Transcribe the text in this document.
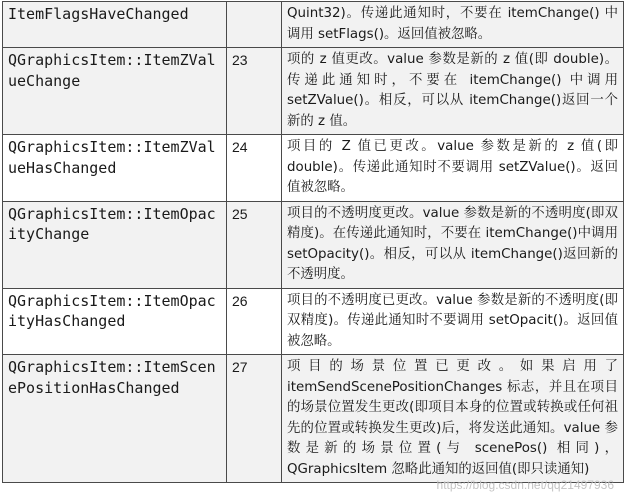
ItemFlagsHaveChanged		Quint32)。传递此通知时，不要在 itemChange() 中调用 setFlags()。返回值被忽略。
QGraphicsItem::ItemZValueChange	23	项的 z 值更改。value 参数是新的 z 值(即 double)。传递此通知时，不要在 itemChange() 中调用 setZValue()。相反，可以从 itemChange()返回一个新的 z 值。
QGraphicsItem::ItemZValueHasChanged	24	项目的 Z 值已更改。value 参数是新的 z 值(即 double)。传递此通知时不要调用 setZValue()。返回值被忽略。
QGraphicsItem::ItemOpacityChange	25	项目的不透明度更改。value 参数是新的不透明度(即双精度)。在传递此通知时，不要在 itemChange()中调用 setOpacity()。相反，可以从 itemChange()返回新的不透明度。
QGraphicsItem::ItemOpacityHasChanged	26	项目的不透明度已更改。value 参数是新的不透明度(即双精度)。传递此通知时不要调用 setOpacit()。返回值被忽略。
QGraphicsItem::ItemScenePositionHasChanged	27	项目的场景位置已更改。如果启用了 itemSendScenePositionChanges 标志，并且在项目的场景位置发生更改(即项目本身的位置或转换或任何祖先的位置或转换发生更改)后，将发送此通知。value 参数是新的场景位置(与 scenePos() 相同)，QGraphicsItem 忽略此通知的返回值(即只读通知)
https://blog.csdn.net/qq21497936
